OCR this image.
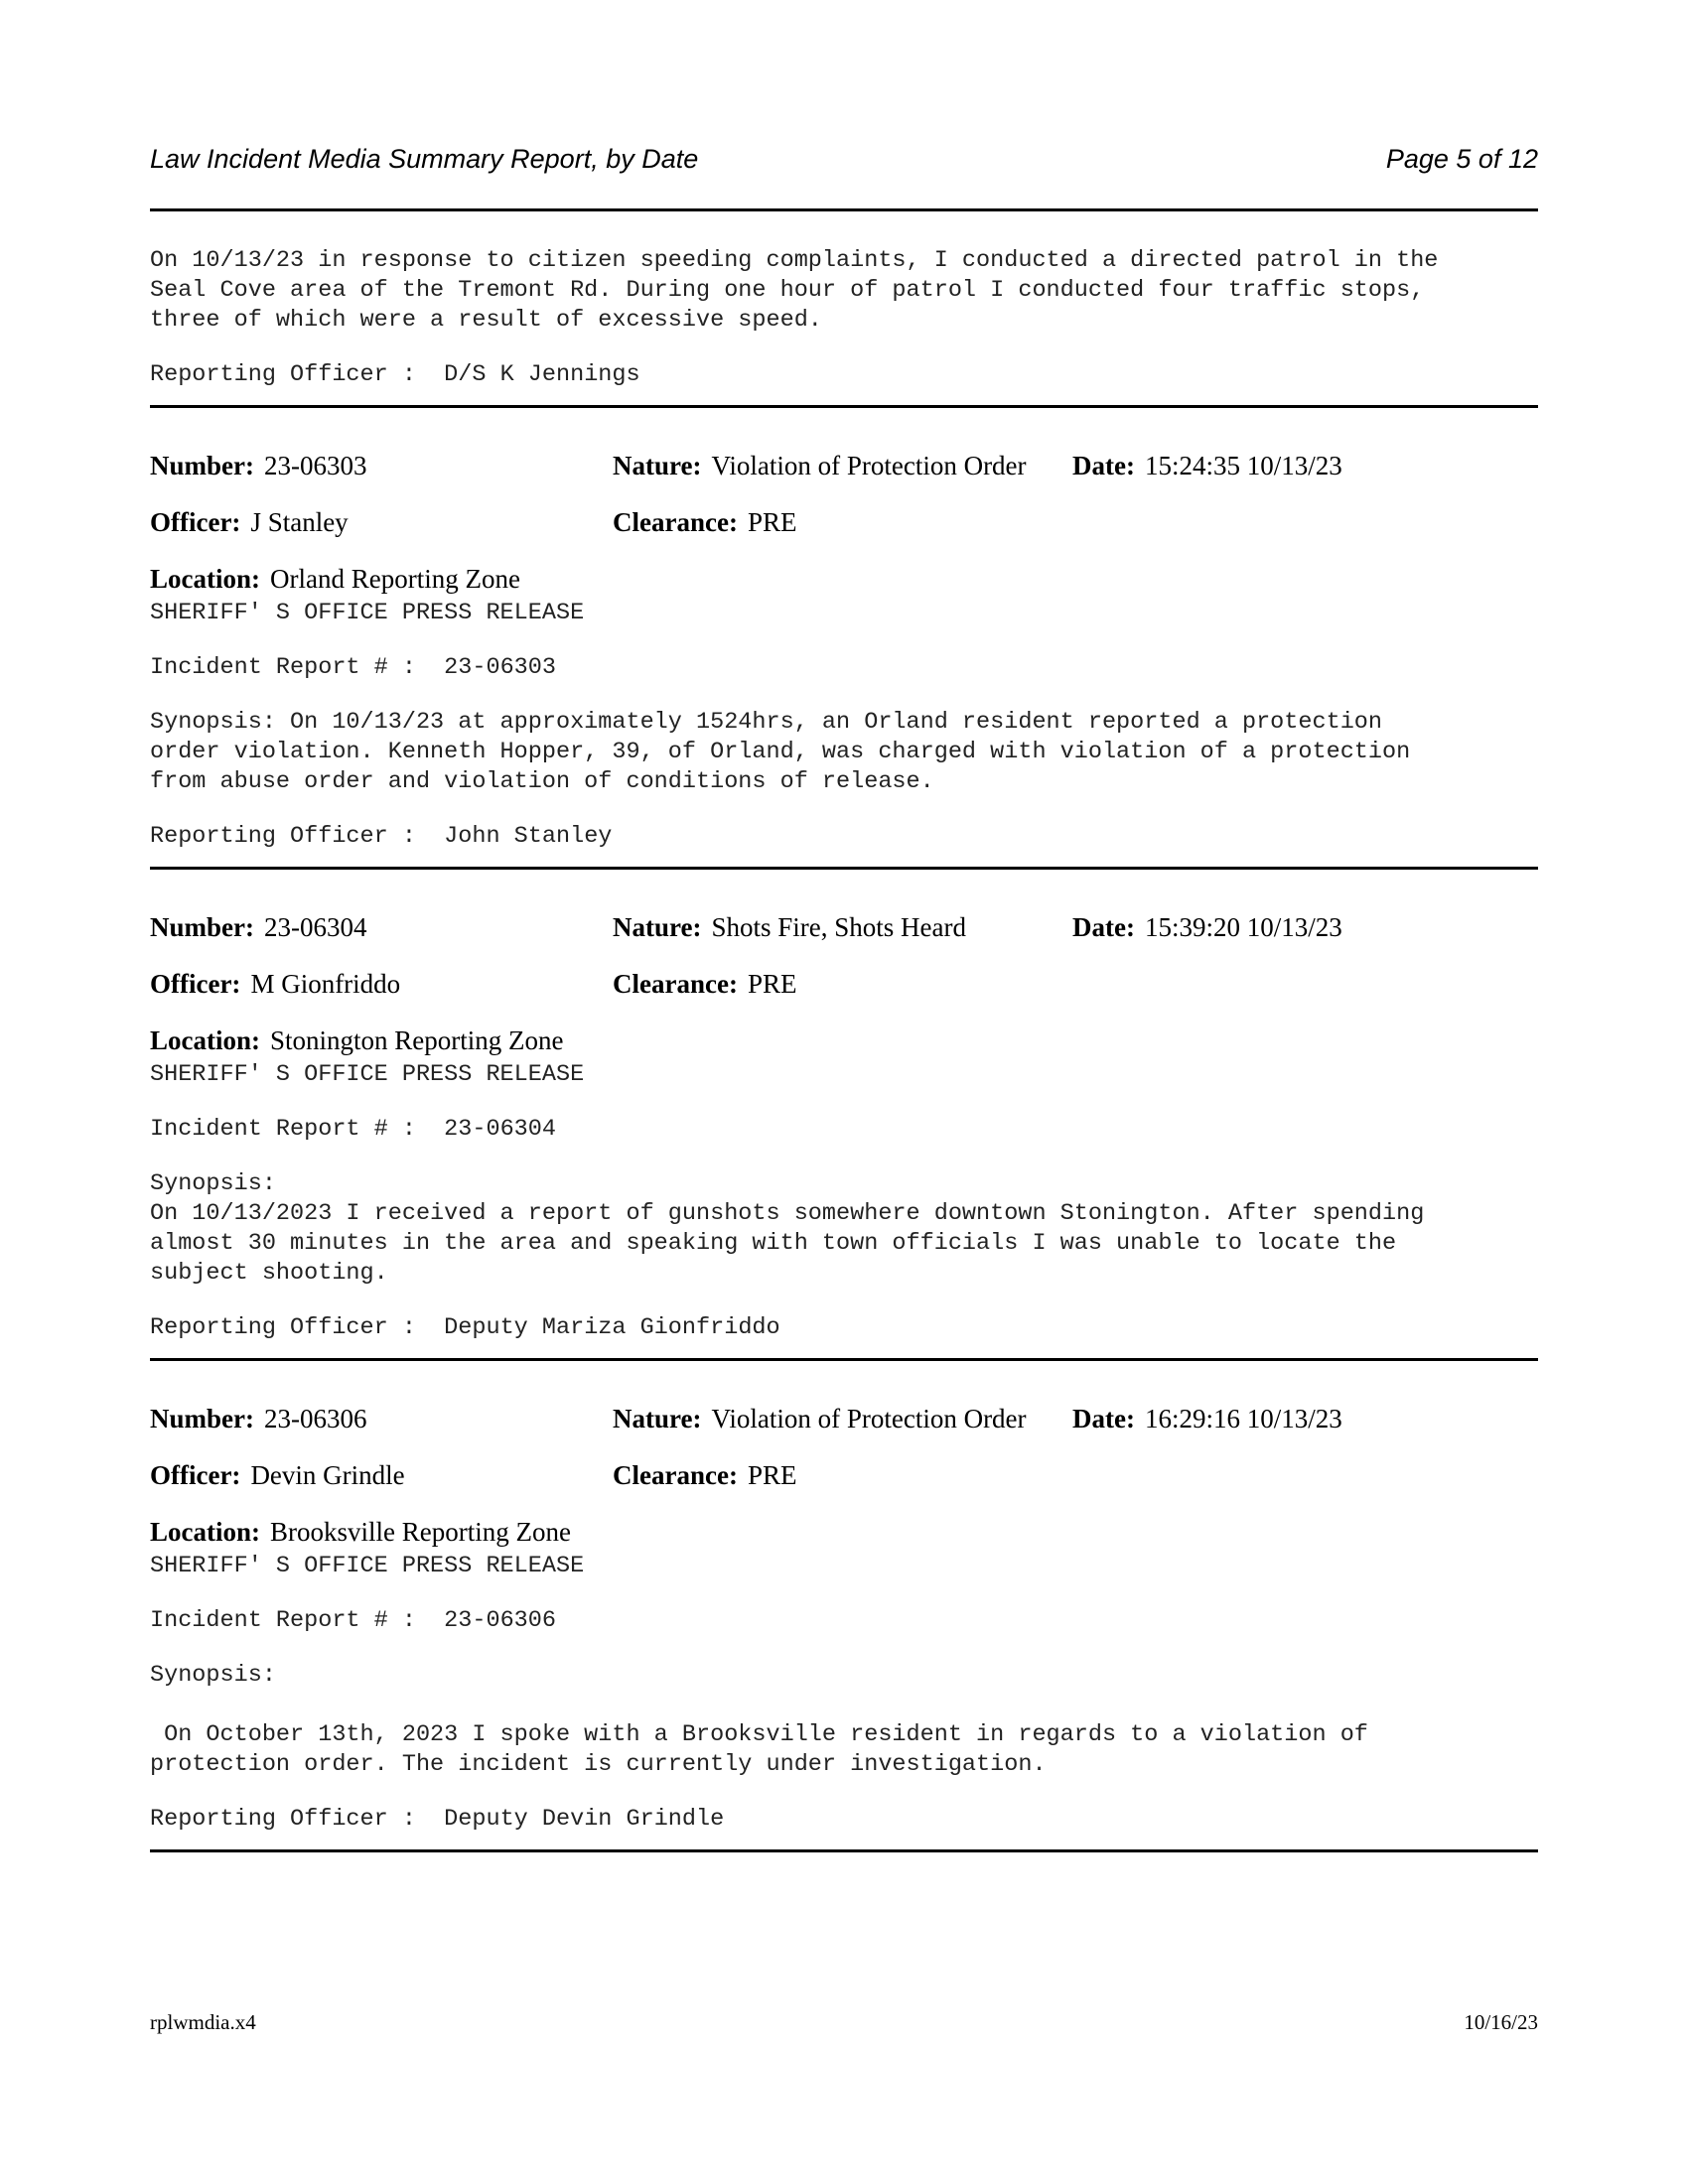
Law Incident Media Summary Report, by Date	Page 5 of 12
On 10/13/23 in response to citizen speeding complaints, I conducted a directed patrol in the
Seal Cove area of the Tremont Rd. During one hour of patrol I conducted four traffic stops,
three of which were a result of excessive speed.
Reporting Officer : D/S K Jennings
Number: 23-06303	Nature: Violation of Protection Order Date: 15:24:35 10/13/23
Officer: J Stanley	Clearance: PRE
Location: Orland Reporting Zone
SHERIFF' S OFFICE PRESS RELEASE
Incident Report # : 23-06303
Synopsis: On 10/13/23 at approximately 1524hrs, an Orland resident reported a protection
order violation. Kenneth Hopper, 39, of Orland, was charged with violation of a protection
from abuse order and violation of conditions of release.
Reporting Officer : John Stanley
Number: 23-06304	Nature: Shots Fire, Shots Heard	Date: 15:39:20 10/13/23
Officer: M Gionfriddo	Clearance: PRE
Location: Stonington Reporting Zone
SHERIFF' S OFFICE PRESS RELEASE
Incident Report # : 23-06304
Synopsis:
On 10/13/2023 I received a report of gunshots somewhere downtown Stonington. After spending
almost 30 minutes in the area and speaking with town officials I was unable to locate the
subject shooting.
Reporting Officer : Deputy Mariza Gionfriddo
Number: 23-06306	Nature: Violation of Protection Order Date: 16:29:16 10/13/23
Officer: Devin Grindle	Clearance: PRE
Location: Brooksville Reporting Zone
SHERIFF' S OFFICE PRESS RELEASE
Incident Report # : 23-06306
Synopsis:

On October 13th, 2023 I spoke with a Brooksville resident in regards to a violation of
protection order. The incident is currently under investigation.
Reporting Officer : Deputy Devin Grindle
rplwmdia.x4	10/16/23
